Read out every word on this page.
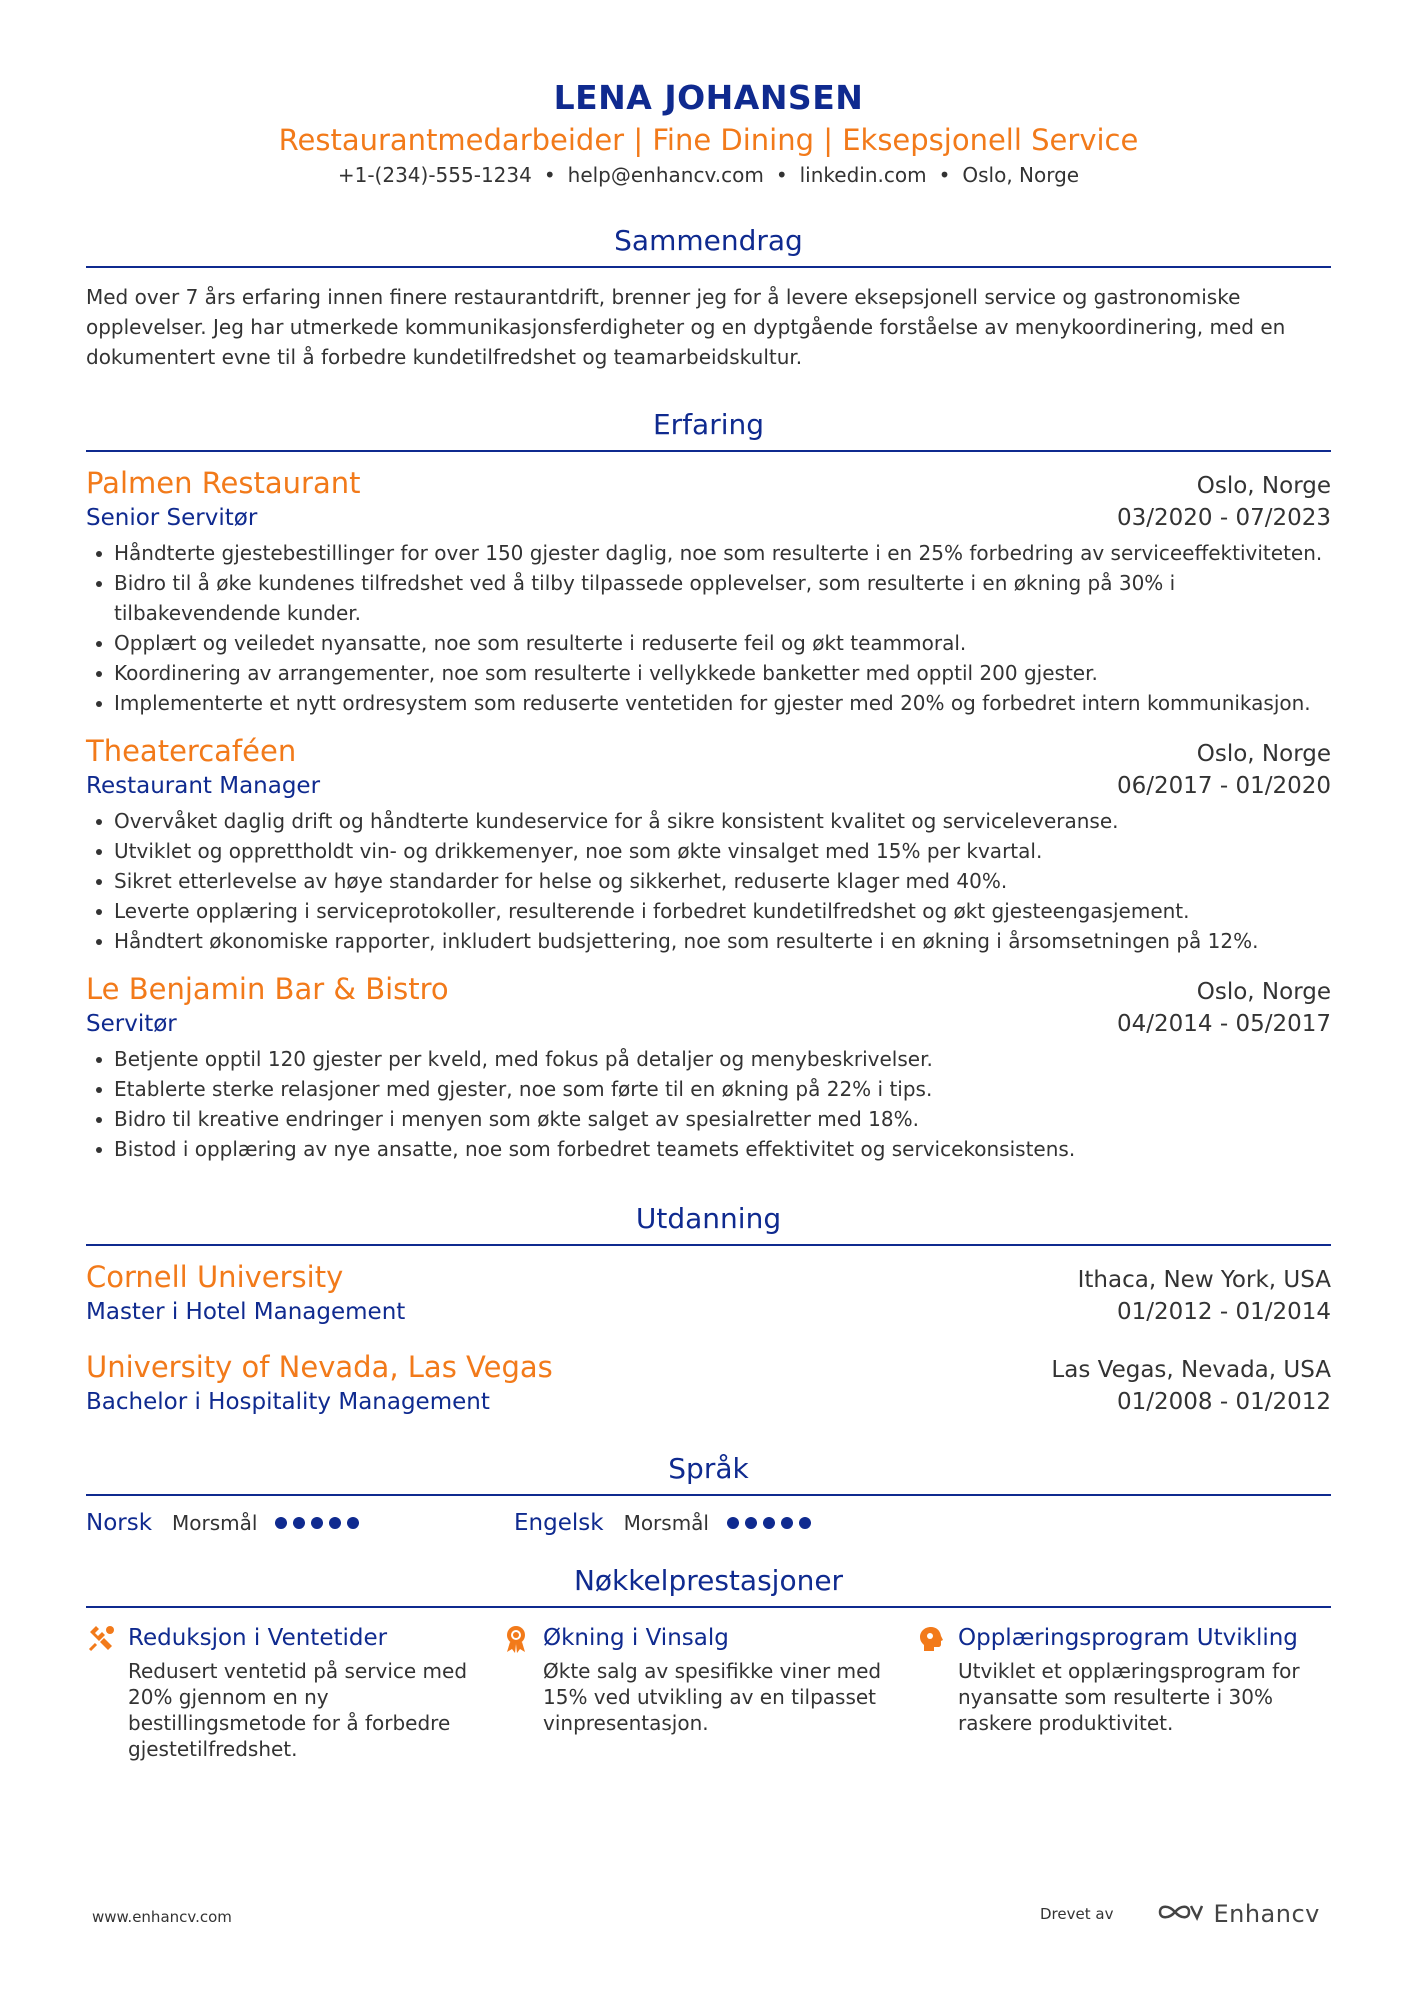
LENA JOHANSEN
Restaurantmedarbeider | Fine Dining | Eksepsjonell Service
+1-(234)-555-1234 • help@enhancv.com • linkedin.com • Oslo, Norge
Sammendrag
Med over 7 års erfaring innen finere restaurantdrift, brenner jeg for å levere eksepsjonell service og gastronomiske opplevelser. Jeg har utmerkede kommunikasjonsferdigheter og en dyptgående forståelse av menykoordinering, med en dokumentert evne til å forbedre kundetilfredshet og teamarbeidskultur.
Erfaring
Palmen Restaurant	Oslo, Norge
Senior Servitør	03/2020 - 07/2023
Håndterte gjestebestillinger for over 150 gjester daglig, noe som resulterte i en 25% forbedring av serviceeffektiviteten.
Bidro til å øke kundenes tilfredshet ved å tilby tilpassede opplevelser, som resulterte i en økning på 30% i tilbakevendende kunder.
Opplært og veiledet nyansatte, noe som resulterte i reduserte feil og økt teammoral.
Koordinering av arrangementer, noe som resulterte i vellykkede banketter med opptil 200 gjester.
Implementerte et nytt ordresystem som reduserte ventetiden for gjester med 20% og forbedret intern kommunikasjon.
Theatercaféen	Oslo, Norge
Restaurant Manager	06/2017 - 01/2020
Overvåket daglig drift og håndterte kundeservice for å sikre konsistent kvalitet og serviceleveranse.
Utviklet og opprettholdt vin- og drikkemenyer, noe som økte vinsalget med 15% per kvartal.
Sikret etterlevelse av høye standarder for helse og sikkerhet, reduserte klager med 40%.
Leverte opplæring i serviceprotokoller, resulterende i forbedret kundetilfredshet og økt gjesteengasjement.
Håndtert økonomiske rapporter, inkludert budsjettering, noe som resulterte i en økning i årsomsetningen på 12%.
Le Benjamin Bar & Bistro	Oslo, Norge
Servitør	04/2014 - 05/2017
Betjente opptil 120 gjester per kveld, med fokus på detaljer og menybeskrivelser.
Etablerte sterke relasjoner med gjester, noe som førte til en økning på 22% i tips.
Bidro til kreative endringer i menyen som økte salget av spesialretter med 18%.
Bistod i opplæring av nye ansatte, noe som forbedret teamets effektivitet og servicekonsistens.
Utdanning
Cornell University	Ithaca, New York, USA
Master i Hotel Management	01/2012 - 01/2014
University of Nevada, Las Vegas	Las Vegas, Nevada, USA
Bachelor i Hospitality Management	01/2008 - 01/2012
Språk
Norsk Morsmål	Engelsk Morsmål
Nøkkelprestasjoner
Reduksjon i Ventetider
Redusert ventetid på service med 20% gjennom en ny bestillingsmetode for å forbedre gjestetilfredshet.
Økning i Vinsalg
Økte salg av spesifikke viner med 15% ved utvikling av en tilpasset vinpresentasjon.
Opplæringsprogram Utvikling
Utviklet et opplæringsprogram for nyansatte som resulterte i 30% raskere produktivitet.
www.enhancv.com	Drevet av	Enhancv
